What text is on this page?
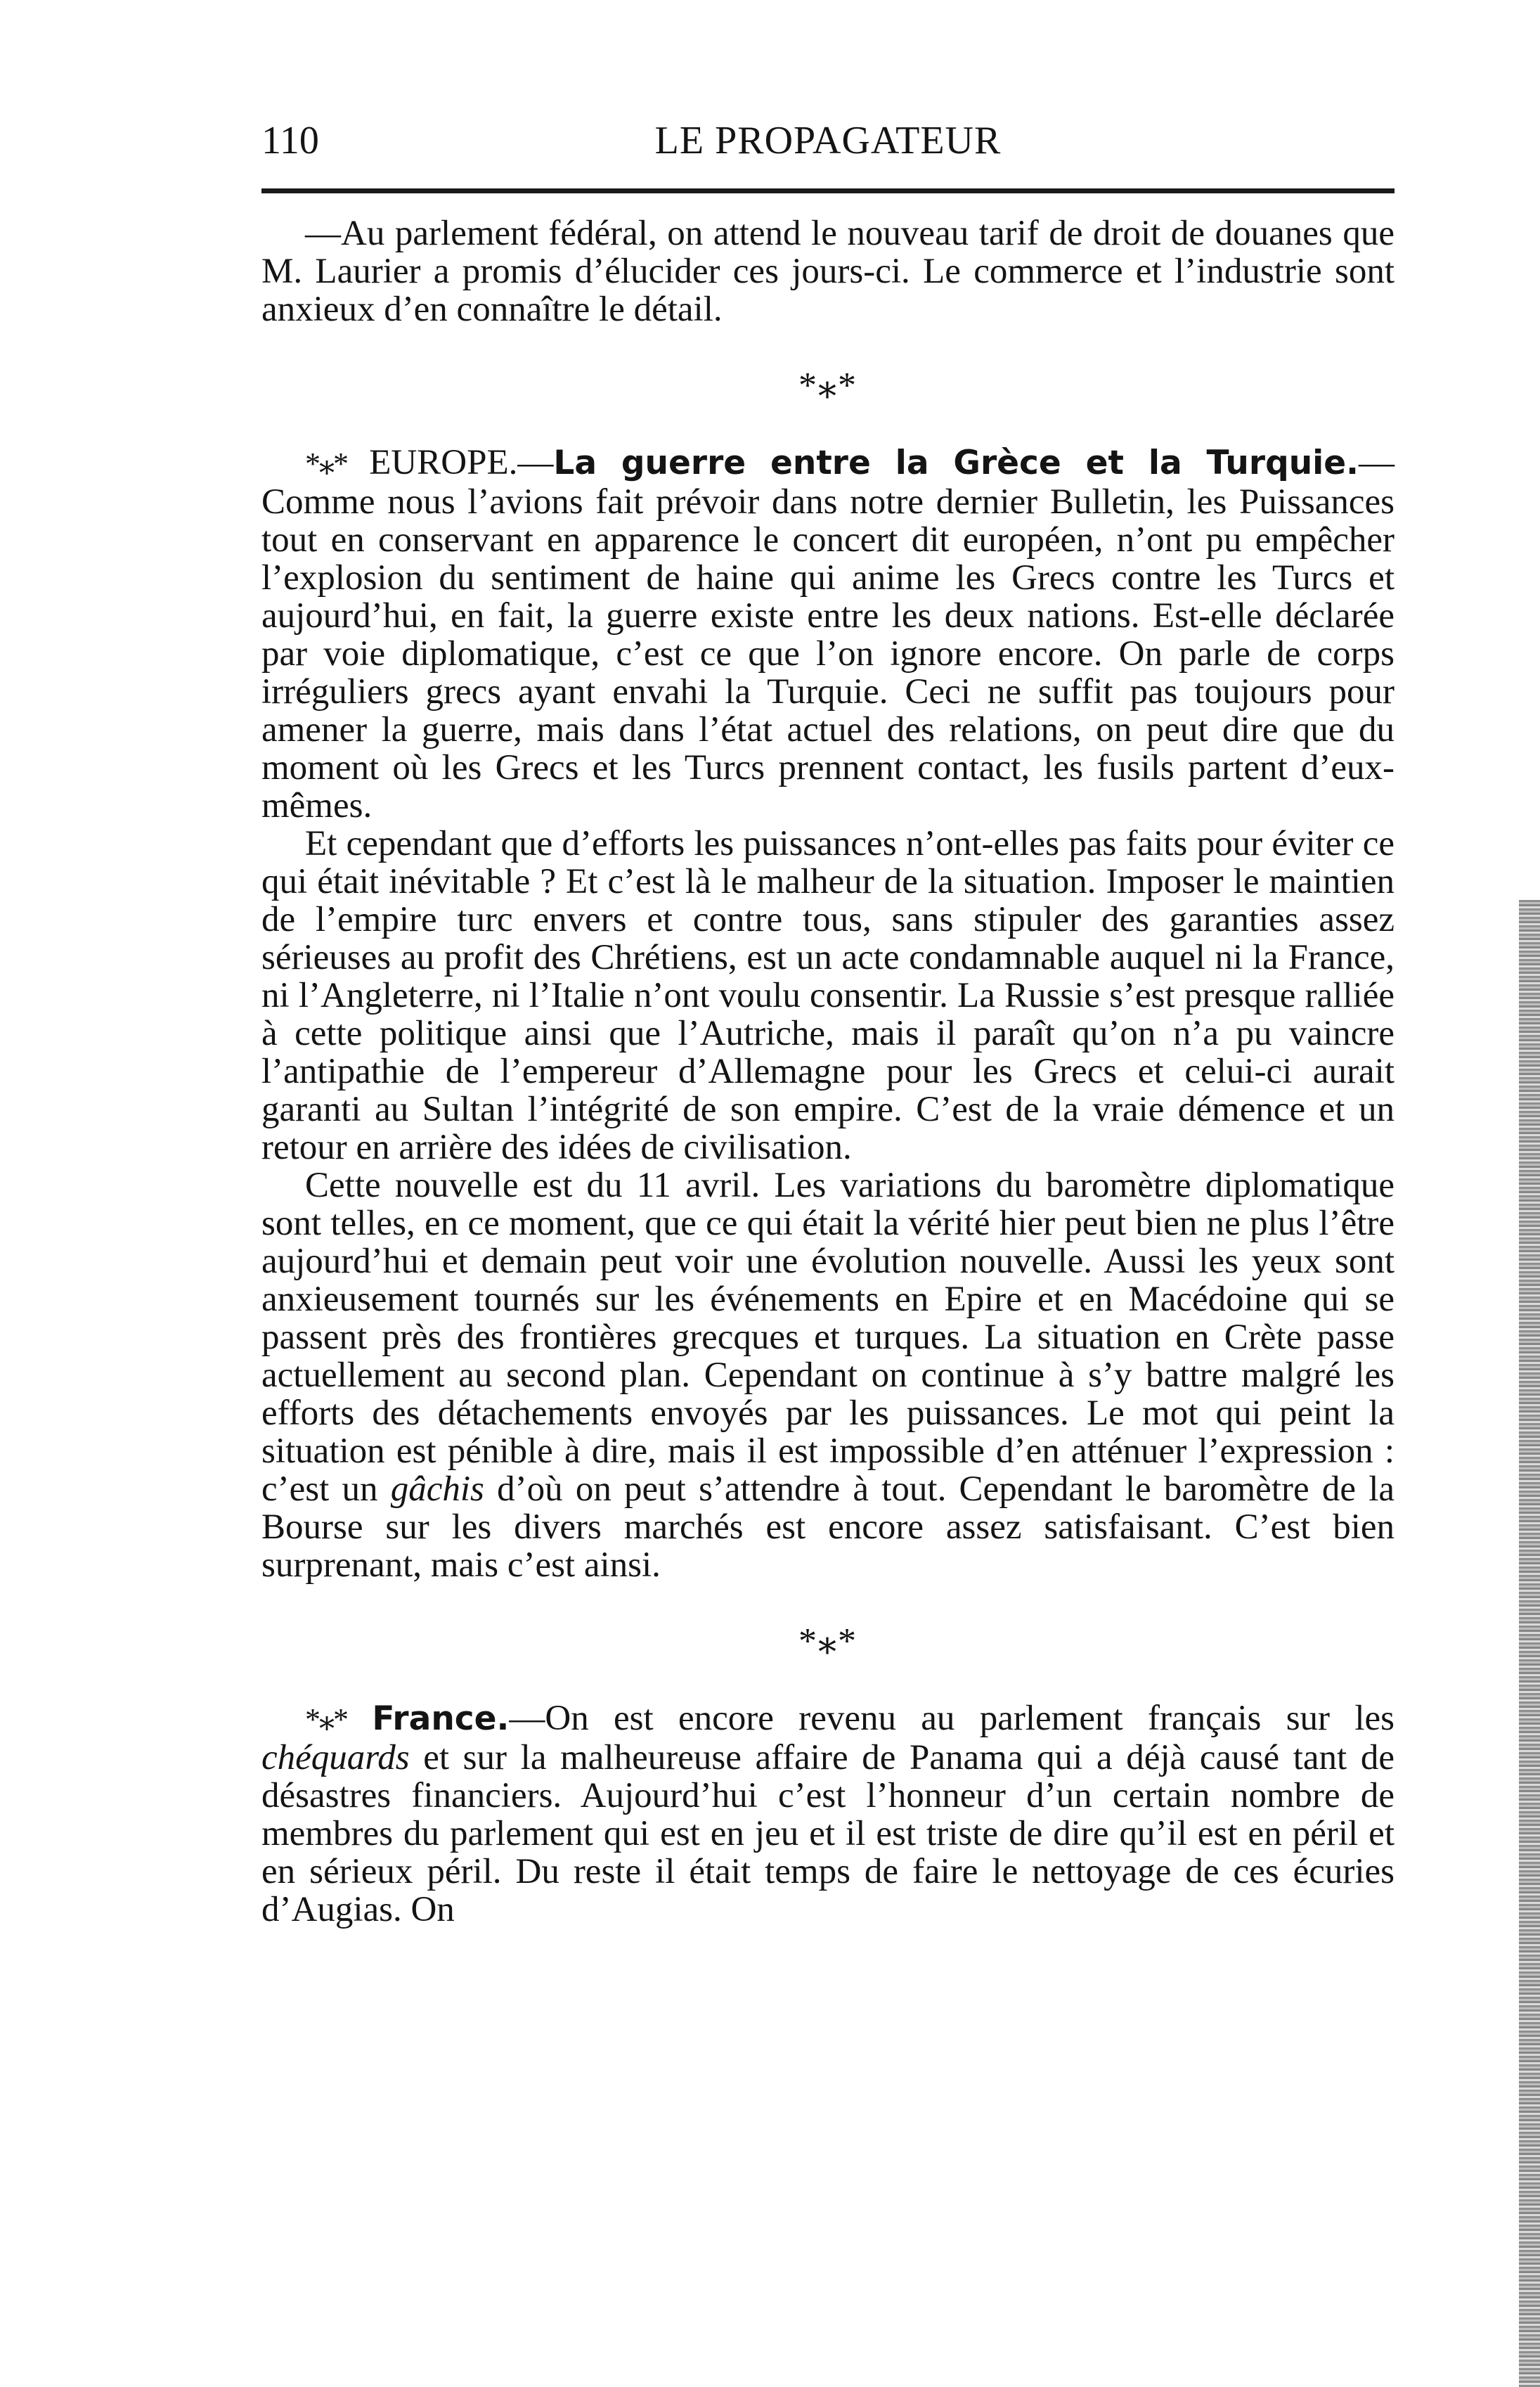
110	LE PROPAGATEUR

—Au parlement fédéral, on attend le nouveau tarif de droit de douanes que M. Laurier a promis d’élucider ces jours-ci. Le commerce et l’industrie sont anxieux d’en connaître le détail.

*⁎*

*⁎* EUROPE.—La guerre entre la Grèce et la Turquie.—Comme nous l’avions fait prévoir dans notre dernier Bulletin, les Puissances tout en conservant en apparence le concert dit européen, n’ont pu empêcher l’explosion du sentiment de haine qui anime les Grecs contre les Turcs et aujourd’hui, en fait, la guerre existe entre les deux nations. Est-elle déclarée par voie diplomatique, c’est ce que l’on ignore encore. On parle de corps irréguliers grecs ayant envahi la Turquie. Ceci ne suffit pas toujours pour amener la guerre, mais dans l’état actuel des relations, on peut dire que du moment où les Grecs et les Turcs prennent contact, les fusils partent d’eux-mêmes.

Et cependant que d’efforts les puissances n’ont-elles pas faits pour éviter ce qui était inévitable ? Et c’est là le malheur de la situation. Imposer le maintien de l’empire turc envers et contre tous, sans stipuler des garanties assez sérieuses au profit des Chrétiens, est un acte condamnable auquel ni la France, ni l’Angleterre, ni l’Italie n’ont voulu consentir. La Russie s’est presque ralliée à cette politique ainsi que l’Autriche, mais il paraît qu’on n’a pu vaincre l’antipathie de l’empereur d’Allemagne pour les Grecs et celui-ci aurait garanti au Sultan l’intégrité de son empire. C’est de la vraie démence et un retour en arrière des idées de civilisation.

Cette nouvelle est du 11 avril. Les variations du baromètre diplomatique sont telles, en ce moment, que ce qui était la vérité hier peut bien ne plus l’être aujourd’hui et demain peut voir une évolution nouvelle. Aussi les yeux sont anxieusement tournés sur les événements en Epire et en Macédoine qui se passent près des frontières grecques et turques. La situation en Crète passe actuellement au second plan. Cependant on continue à s’y battre malgré les efforts des détachements envoyés par les puissances. Le mot qui peint la situation est pénible à dire, mais il est impossible d’en atténuer l’expression : c’est un gâchis d’où on peut s’attendre à tout. Cependant le baromètre de la Bourse sur les divers marchés est encore assez satisfaisant. C’est bien surprenant, mais c’est ainsi.

*⁎*

*⁎* France.—On est encore revenu au parlement français sur les chéquards et sur la malheureuse affaire de Panama qui a déjà causé tant de désastres financiers. Aujourd’hui c’est l’honneur d’un certain nombre de membres du parlement qui est en jeu et il est triste de dire qu’il est en péril et en sérieux péril. Du reste il était temps de faire le nettoyage de ces écuries d’Augias. On
